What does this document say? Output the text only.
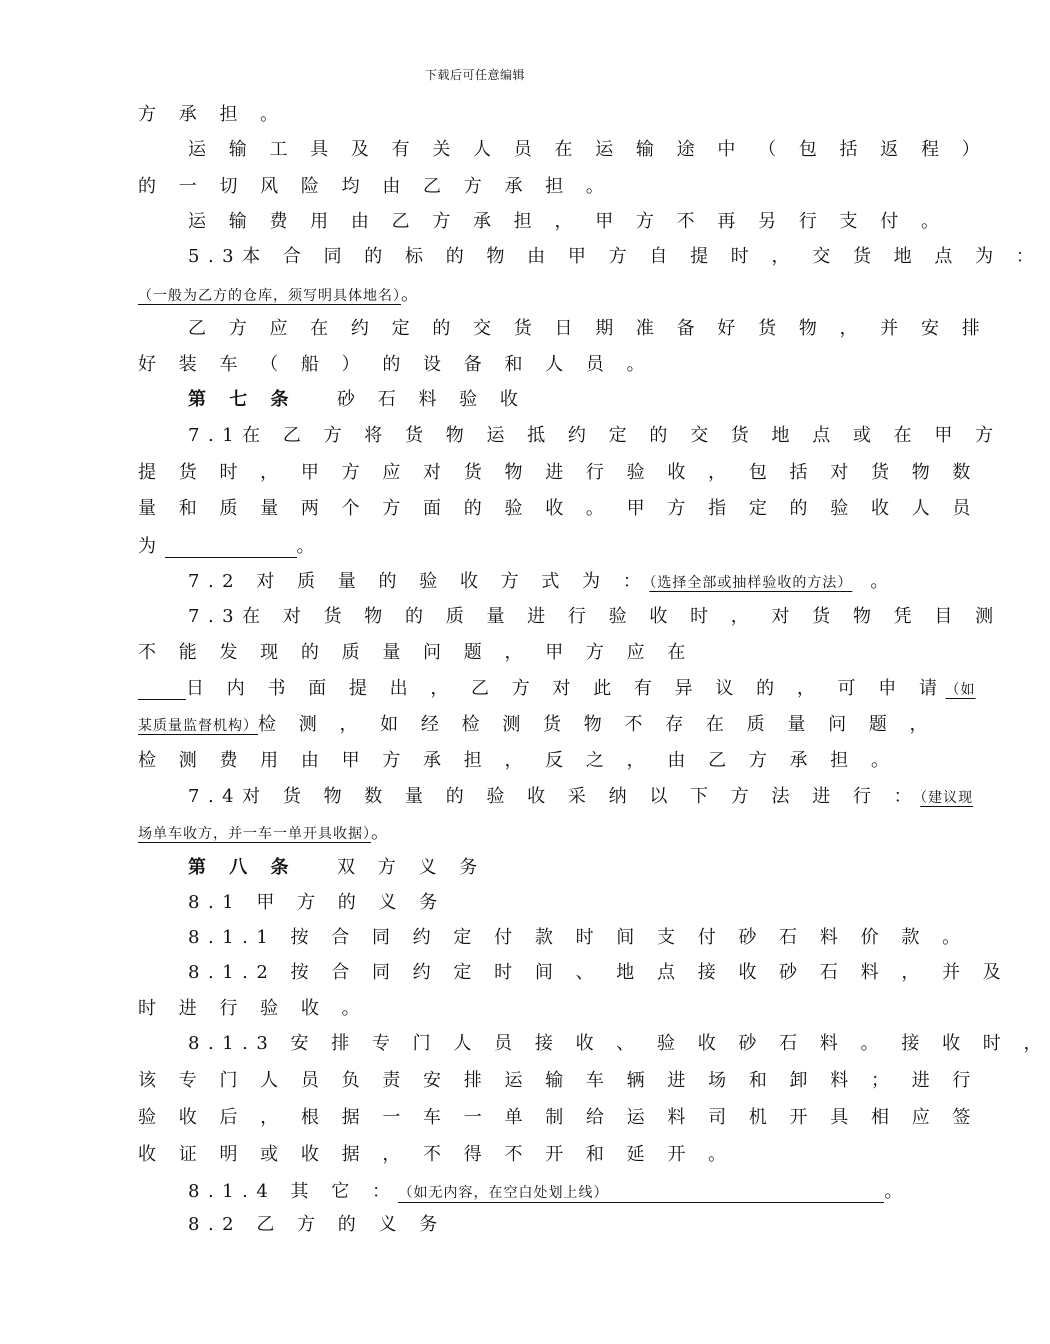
下载后可任意编辑
方 承 担 。
运 输 工 具 及 有 关 人 员 在 运 输 途 中 （ 包 括 返 程 ）
的 一 切 风 险 均 由 乙 方 承 担 。
运 输 费 用 由 乙 方 承 担 ， 甲 方 不 再 另 行 支 付 。
5.3本 合 同 的 标 的 物 由 甲 方 自 提 时 ， 交 货 地 点 为 ：
（一般为乙方的仓库，须写明具体地名）。
乙 方 应 在 约 定 的 交 货 日 期 准 备 好 货 物 ， 并 安 排
好 装 车 （ 船 ） 的 设 备 和 人 员 。
第 七 条 砂 石 料 验 收
7.1在 乙 方 将 货 物 运 抵 约 定 的 交 货 地 点 或 在 甲 方
提 货 时 ， 甲 方 应 对 货 物 进 行 验 收 ， 包 括 对 货 物 数
量 和 质 量 两 个 方 面 的 验 收 。 甲 方 指 定 的 验 收 人 员
为	。
7.2 对 质 量 的 验 收 方 式 为 ：（选择全部或抽样验收的方法） 。
7.3在 对 货 物 的 质 量 进 行 验 收 时 ， 对 货 物 凭 目 测
不 能 发 现 的 质 量 问 题 ， 甲 方 应 在
日 内 书 面 提 出 ， 乙 方 对 此 有 异 议 的 ， 可 申 请（如
某质量监督机构）检 测 ， 如 经 检 测 货 物 不 存 在 质 量 问 题 ，
检 测 费 用 由 甲 方 承 担 ， 反 之 ， 由 乙 方 承 担 。
7.4对 货 物 数 量 的 验 收 采 纳 以 下 方 法 进 行 ：（建议现
场单车收方，并一车一单开具收据）。
第 八 条 双 方 义 务
8.1 甲 方 的 义 务
8.1.1 按 合 同 约 定 付 款 时 间 支 付 砂 石 料 价 款 。
8.1.2 按 合 同 约 定 时 间 、 地 点 接 收 砂 石 料 ， 并 及
时 进 行 验 收 。
8.1.3 安 排 专 门 人 员 接 收 、 验 收 砂 石 料 。 接 收 时 ，
该 专 门 人 员 负 责 安 排 运 输 车 辆 进 场 和 卸 料 ； 进 行
验 收 后 ， 根 据 一 车 一 单 制 给 运 料 司 机 开 具 相 应 签
收 证 明 或 收 据 ， 不 得 不 开 和 延 开 。
8.1.4 其 它 ：（如无内容，在空白处划上线）	。
8.2 乙 方 的 义 务
